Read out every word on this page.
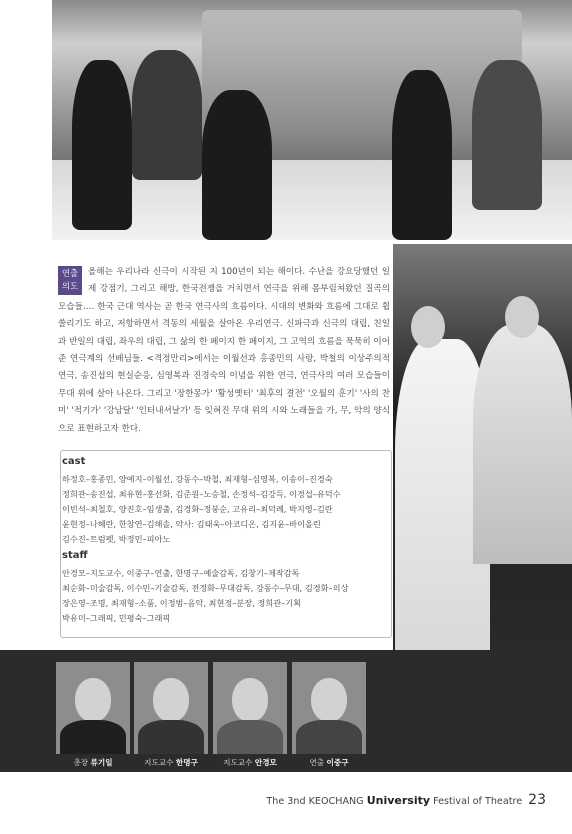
연출
의도
올해는 우리나라 신극이 시작된 지 100년이 되는 해이다. 수난을 강요당했던 일제 강점기, 그리고 해방, 한국전쟁을 거치면서 연극을 위해 몸부림쳐왔던 질곡의 모습들…. 한국 근대 역사는 곧 한국 연극사의 흐름이다. 시대의 변화와 흐름에 그대로 휩쓸리기도 하고, 저항하면서 격동의 세월을 살아온 우리연극. 신파극과 신극의 대립, 친일과 반일의 대립, 좌우의 대립, 그 삶의 한 페이지 한 페이지, 그 고역의 흐름을 묵묵히 이어준 연극계의 선배님들. <격정만리>에서는 이월선과 홍종민의 사랑, 박철의 이상주의적 연극, 송진섭의 현실순응, 심영복과 진경숙의 이념을 위한 연극, 연극사의 여러 모습들이 무대 위에 살아 나온다. 그리고 '장한몽가' '황성옛터' '최후의 결전' '오월의 훈기' '사의 찬미' '적기가' '강남달' '인터내셔날가' 등 잊혀진 무대 위의 시와 노래들을 가, 무, 악의 양식으로 표현하고자 한다.
cast
하정호–홍종민, 양예지–이월선, 강동수–박철, 최재형–심영복, 이송이–진경숙
정희관–송진섭, 최유현–홍선화, 김준원–노승철, 손정석–김강득, 이경섭–유덕수
이빈석–최철호, 양진호–임생출, 김경화–정붕순, 고유리–최덕례, 박지영–김란
윤현정–나혜란, 한창연–김해솔, 악사: 김태욱–아코디온, 김지윤–바이올린
김수진–트럼펫, 박정민–피아노
staff
안경모–지도교수, 이중구–연출, 한명구–예술감독, 김창기–제작감독
최순화–미술감독, 이수민–기술감독, 전정화–무대감독, 강동수–무대, 김경화–의상
장은영–조명, 최재형–소품, 이정범–음악, 최현정–분장, 정희관–기획
박유미–그래픽, 민평숙–그래픽
총장 류기일	지도교수 한명구	지도교수 안경모	연출 이중구
The 3nd KEOCHANG University Festival of Theatre 23
